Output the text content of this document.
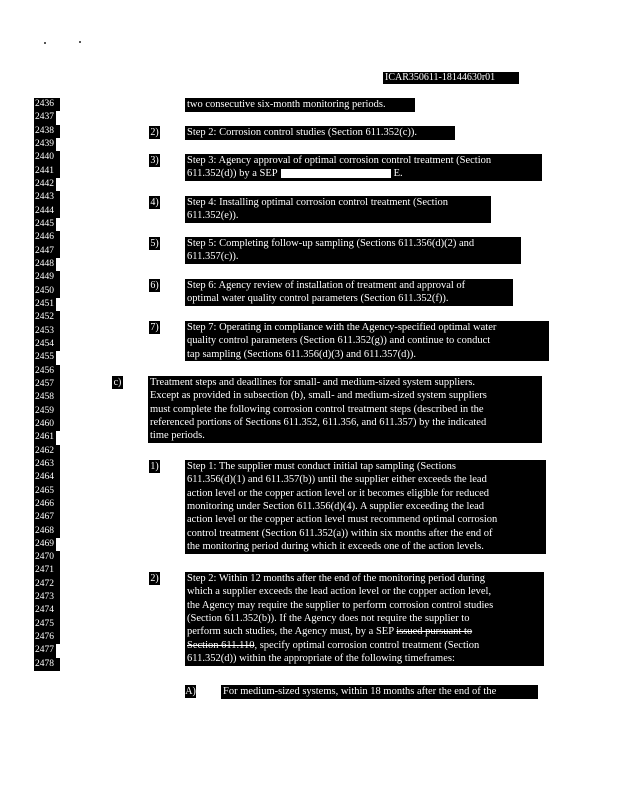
ICAR350611-18144630r01
2436
2437
2438
2439
2440
2441
2442
2443
2444
2445
2446
2447
2448
2449
2450
2451
2452
2453
2454
2455
2456
2457
2458
2459
2460
2461
2462
2463
2464
2465
2466
2467
2468
2469
2470
2471
2472
2473
2474
2475
2476
2477
2478

two consecutive six-month monitoring periods.

2)	Step 2: Corrosion control studies (Section 611.352(c)).

3)	Step 3: Agency approval of optimal corrosion control treatment (Section

611.352(d)) by a SEP	E.

4)	Step 4: Installing optimal corrosion control treatment (Section

611.352(e)).

5)	Step 5: Completing follow-up sampling (Sections 611.356(d)(2) and

611.357(c)).

6)	Step 6: Agency review of installation of treatment and approval of

optimal water quality control parameters (Section 611.352(f)).

7)	Step 7: Operating in compliance with the Agency-specified optimal water

quality control parameters (Section 611.352(g)) and continue to conduct

tap sampling (Sections 611.356(d)(3) and 611.357(d)).

c)	Treatment steps and deadlines for small- and medium-sized system suppliers.

Except as provided in subsection (b), small- and medium-sized system suppliers

must complete the following corrosion control treatment steps (described in the

referenced portions of Sections 611.352, 611.356, and 611.357) by the indicated

time periods.

1)	Step 1: The supplier must conduct initial tap sampling (Sections

611.356(d)(1) and 611.357(b)) until the supplier either exceeds the lead

action level or the copper action level or it becomes eligible for reduced

monitoring under Section 611.356(d)(4). A supplier exceeding the lead

action level or the copper action level must recommend optimal corrosion

control treatment (Section 611.352(a)) within six months after the end of

the monitoring period during which it exceeds one of the action levels.

2)	Step 2: Within 12 months after the end of the monitoring period during

which a supplier exceeds the lead action level or the copper action level,

the Agency may require the supplier to perform corrosion control studies

(Section 611.352(b)). If the Agency does not require the supplier to

perform such studies, the Agency must, by a SEP issued pursuant to

Section 611.110, specify optimal corrosion control treatment (Section

611.352(d)) within the appropriate of the following timeframes:

A)	For medium-sized systems, within 18 months after the end of the
